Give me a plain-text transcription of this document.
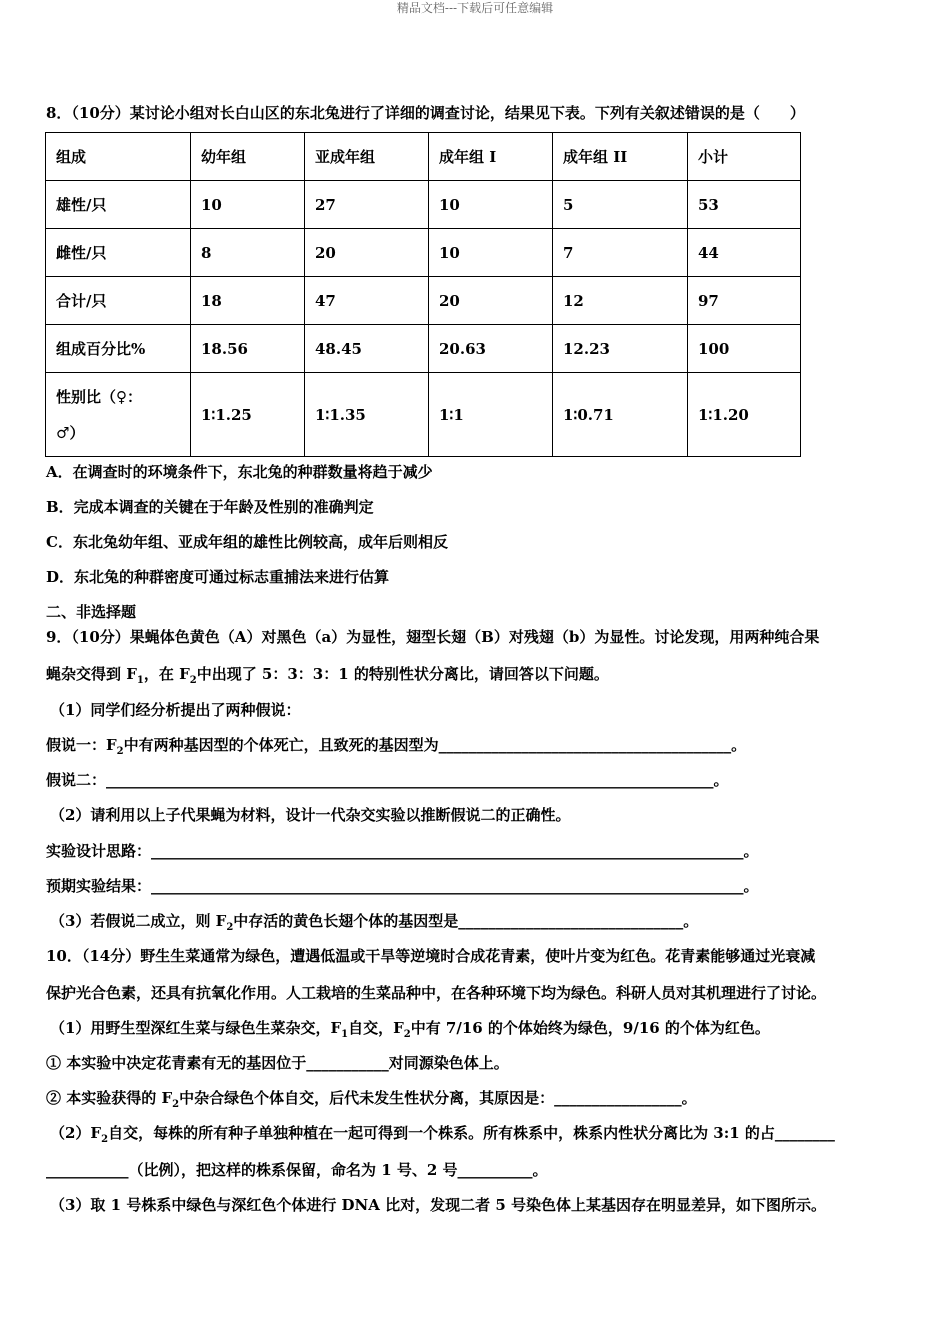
精品文档---下载后可任意编辑
8．（10分）某讨论小组对长白山区的东北兔进行了详细的调查讨论，结果见下表。下列有关叙述错误的是（　　）
组成	幼年组	亚成年组	成年组 I	成年组 II	小计
雄性/只	10	27	10	5	53
雌性/只	8	20	10	7	44
合计/只	18	47	20	12	97
组成百分比%	18.56	48.45	20.63	12.23	100
性别比（♀：
♂）	1∶1.25	1∶1.35	1∶1	1∶0.71	1∶1.20
A．在调查时的环境条件下，东北兔的种群数量将趋于减少
B．完成本调查的关键在于年龄及性别的准确判定
C．东北兔幼年组、亚成年组的雄性比例较高，成年后则相反
D．东北兔的种群密度可通过标志重捕法来进行估算
二、非选择题
9．（10分）果蝇体色黄色（A）对黑色（a）为显性，翅型长翅（B）对残翅（b）为显性。讨论发现，用两种纯合果
蝇杂交得到 $F_1$，在 $F_2$中出现了 5：3：3：1 的特别性状分离比，请回答以下问题。
（1）同学们经分析提出了两种假说：
假说一：$F_2$中有两种基因型的个体死亡，且致死的基因型为_______________________________________。
假说二：_________________________________________________________________________________。
（2）请利用以上子代果蝇为材料，设计一代杂交实验以推断假说二的正确性。
实验设计思路：_______________________________________________________________________________。
预期实验结果：_______________________________________________________________________________。
（3）若假说二成立，则 $F_2$中存活的黄色长翅个体的基因型是______________________________。
10．（14分）野生生菜通常为绿色，遭遇低温或干旱等逆境时合成花青素，使叶片变为红色。花青素能够通过光衰减
保护光合色素，还具有抗氧化作用。人工栽培的生菜品种中，在各种环境下均为绿色。科研人员对其机理进行了讨论。
（1）用野生型深红生菜与绿色生菜杂交，$F_1$自交，$F_2$中有 7/16 的个体始终为绿色，9/16 的个体为红色。
① 本实验中决定花青素有无的基因位于___________对同源染色体上。
② 本实验获得的 $F_2$中杂合绿色个体自交，后代未发生性状分离，其原因是：_________________。
$(2)F_2$自交，每株的所有种子单独种植在一起可得到一个株系。所有株系中，株系内性状分离比为 3:1 的占________
___________（比例），把这样的株系保留，命名为 1 号、2 号__________。
（3）取 1 号株系中绿色与深红色个体进行 DNA 比对，发现二者 5 号染色体上某基因存在明显差异，如下图所示。
